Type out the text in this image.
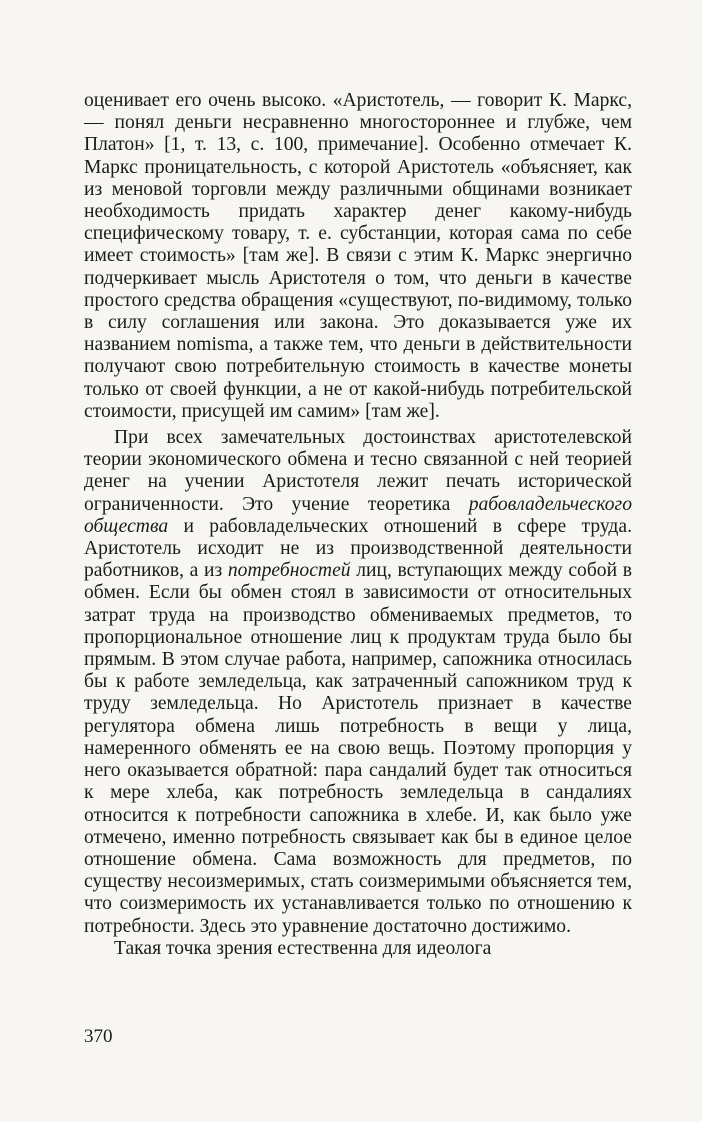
оценивает его очень высоко. «Аристотель, — говорит К. Маркс,— понял деньги несравненно многостороннее и глубже, чем Платон» [1, т. 13, с. 100, примечание]. Особенно отмечает К. Маркс проницательность, с которой Аристотель «объясняет, как из меновой торговли между различными общинами возникает необходимость придать характер денег какому-нибудь специфическому товару, т. е. субстанции, которая сама по себе имеет стоимость» [там же]. В связи с этим К. Маркс энергично подчеркивает мысль Аристотеля о том, что деньги в качестве простого средства обращения «существуют, по-видимому, только в силу соглашения или закона. Это доказывается уже их названием nomisma, а также тем, что деньги в действительности получают свою потребительную стоимость в качестве монеты только от своей функции, а не от какой-нибудь потребительской стоимости, присущей им самим» [там же].

При всех замечательных достоинствах аристотелевской теории экономического обмена и тесно связанной с ней теорией денег на учении Аристотеля лежит печать исторической ограниченности. Это учение теоретика рабовладельческого общества и рабовладельческих отношений в сфере труда. Аристотель исходит не из производственной деятельности работников, а из потребностей лиц, вступающих между собой в обмен. Если бы обмен стоял в зависимости от относительных затрат труда на производство обмениваемых предметов, то пропорциональное отношение лиц к продуктам труда было бы прямым. В этом случае работа, например, сапожника относилась бы к работе земледельца, как затраченный сапожником труд к труду земледельца. Но Аристотель признает в качестве регулятора обмена лишь потребность в вещи у лица, намеренного обменять ее на свою вещь. Поэтому пропорция у него оказывается обратной: пара сандалий будет так относиться к мере хлеба, как потребность земледельца в сандалиях относится к потребности сапожника в хлебе. И, как было уже отмечено, именно потребность связывает как бы в единое целое отношение обмена. Сама возможность для предметов, по существу несоизмеримых, стать соизмеримыми объясняется тем, что соизмеримость их устанавливается только по отношению к потребности. Здесь это уравнение достаточно достижимо.

Такая точка зрения естественна для идеолога

370
